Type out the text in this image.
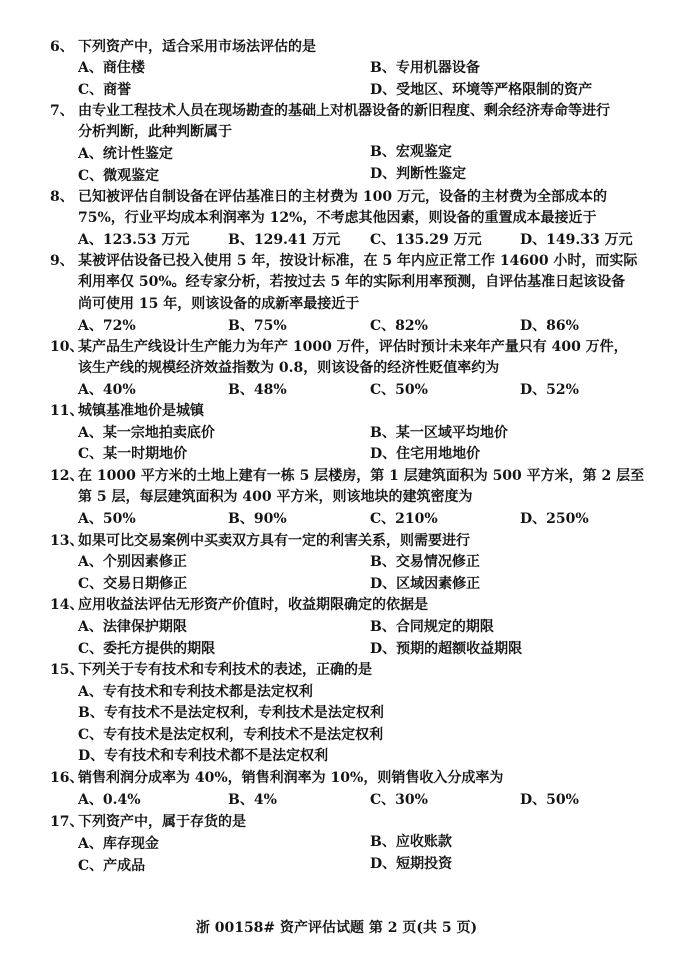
6、 下列资产中，适合采用市场法评估的是
A、商住楼	B、专用机器设备
C、商誉	D、受地区、环境等严格限制的资产
7、 由专业工程技术人员在现场勘查的基础上对机器设备的新旧程度、剩余经济寿命等进行
分析判断，此种判断属于
A、统计性鉴定	B、宏观鉴定
C、微观鉴定	D、判断性鉴定
8、 已知被评估自制设备在评估基准日的主材费为 100 万元，设备的主材费为全部成本的
75%，行业平均成本利润率为 12%，不考虑其他因素，则设备的重置成本最接近于
A、123.53 万元	B、129.41 万元 C、135.29 万元	D、149.33 万元
9、 某被评估设备已投入使用 5 年，按设计标准，在 5 年内应正常工作 14600 小时，而实际
利用率仅 50%。经专家分析，若按过去 5 年的实际利用率预测，自评估基准日起该设备
尚可使用 15 年，则该设备的成新率最接近于
A、72%	B、75%	C、82%	D、86%
10、
某产品生产线设计生产能力为年产 1000 万件，评估时预计未来年产量只有 400 万件，
该生产线的规模经济效益指数为 0.8，则该设备的经济性贬值率约为
A、40%	B、48%	C、50%	D、52%
11、
城镇基准地价是城镇
A、某一宗地拍卖底价	B、某一区域平均地价
C、某一时期地价	D、住宅用地地价
12、
在 1000 平方米的土地上建有一栋 5 层楼房，第 1 层建筑面积为 500 平方米，第 2 层至
第 5 层，每层建筑面积为 400 平方米，则该地块的建筑密度为
A、50%	B、90%	C、210%	D、250%
13、
如果可比交易案例中买卖双方具有一定的利害关系，则需要进行
A、个别因素修正	B、交易情况修正
C、交易日期修正	D、区域因素修正
14、
应用收益法评估无形资产价值时，收益期限确定的依据是
A、法律保护期限	B、合同规定的期限
C、委托方提供的期限	D、预期的超额收益期限
15、
下列关于专有技术和专利技术的表述，正确的是
A、专有技术和专利技术都是法定权利
B、专有技术不是法定权利，专利技术是法定权利
C、专有技术是法定权利，专利技术不是法定权利
D、专有技术和专利技术都不是法定权利
16、
销售利润分成率为 40%，销售利润率为 10%，则销售收入分成率为
A、0.4%	B、4%	C、30%	D、50%
17、
下列资产中，属于存货的是
A、库存现金	B、应收账款
C、产成品	D、短期投资
浙 00158# 资产评估试题 第 2 页(共 5 页)
